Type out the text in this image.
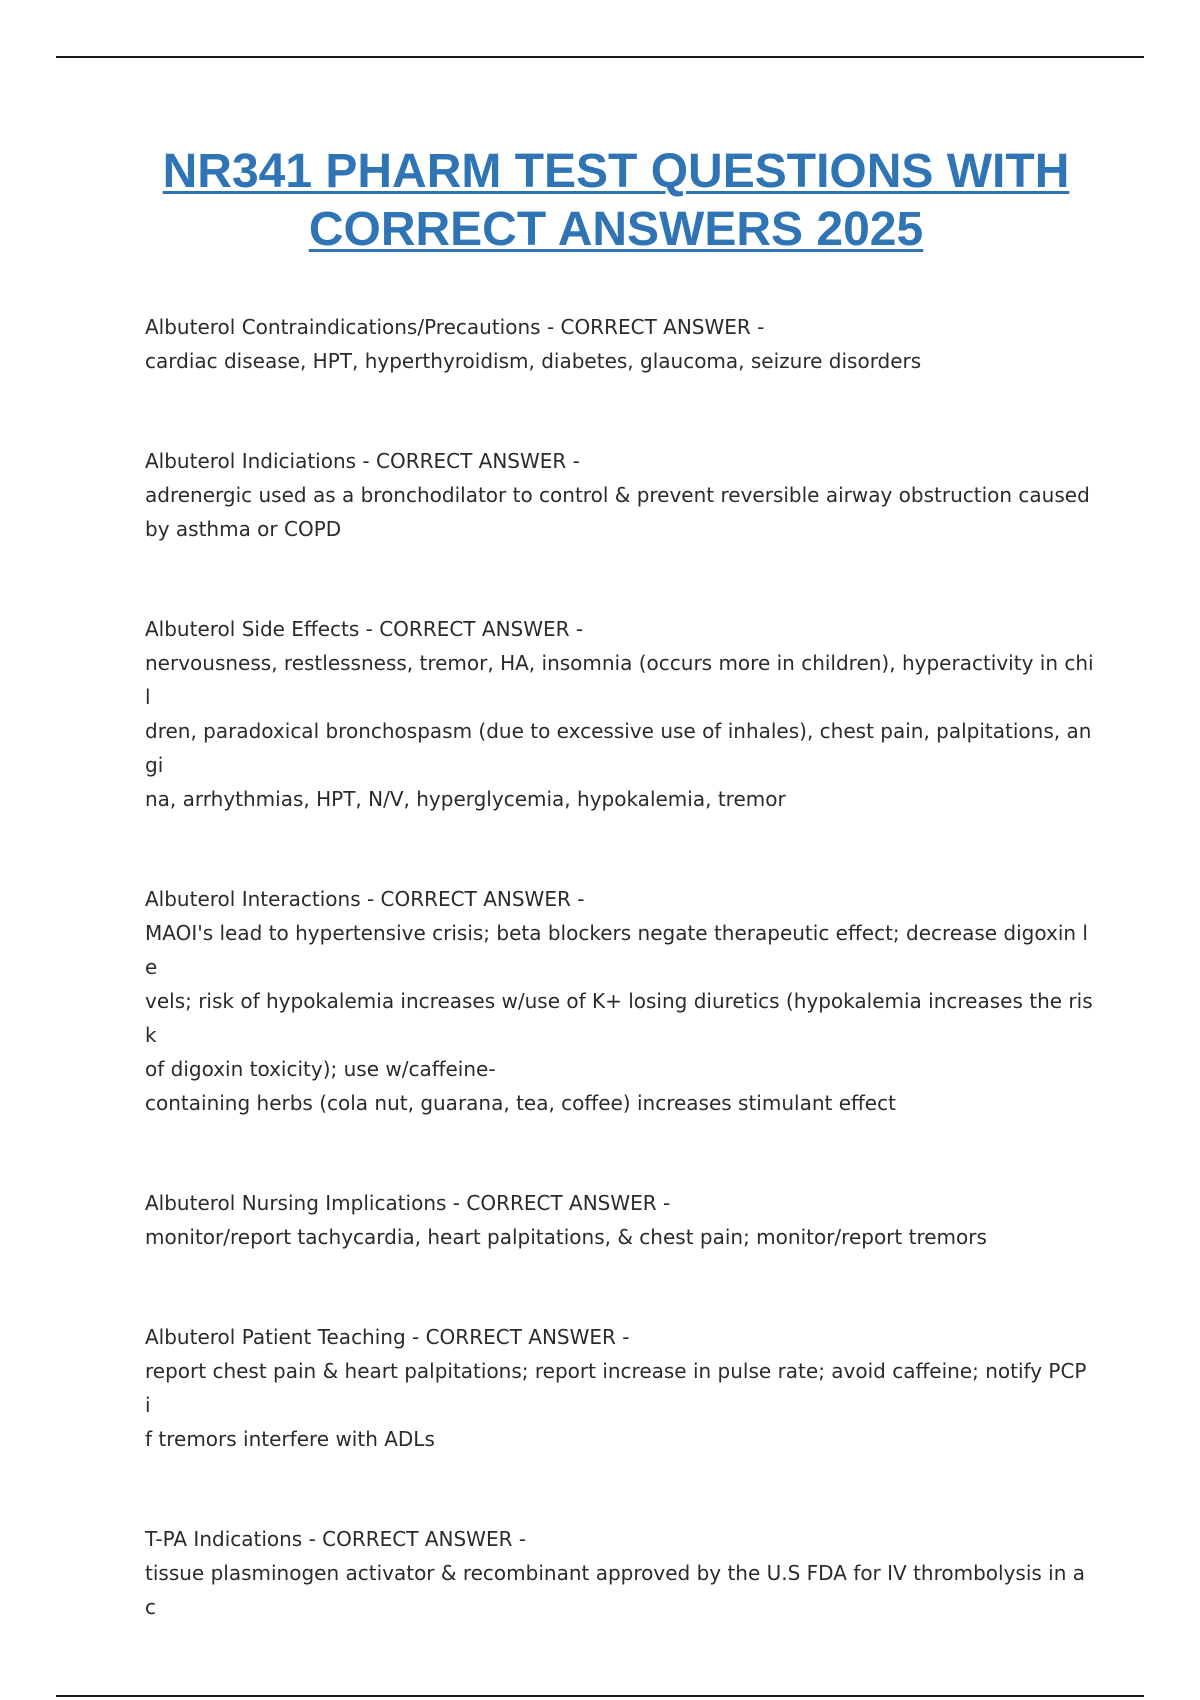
NR341 PHARM TEST QUESTIONS WITH
CORRECT ANSWERS 2025
Albuterol Contraindications/Precautions - CORRECT ANSWER -
cardiac disease, HPT, hyperthyroidism, diabetes, glaucoma, seizure disorders
Albuterol Indiciations - CORRECT ANSWER -
adrenergic used as a bronchodilator to control & prevent reversible airway obstruction caused
by asthma or COPD
Albuterol Side Effects - CORRECT ANSWER -
nervousness, restlessness, tremor, HA, insomnia (occurs more in children), hyperactivity in chil
dren, paradoxical bronchospasm (due to excessive use of inhales), chest pain, palpitations, angi
na, arrhythmias, HPT, N/V, hyperglycemia, hypokalemia, tremor
Albuterol Interactions - CORRECT ANSWER -
MAOI's lead to hypertensive crisis; beta blockers negate therapeutic effect; decrease digoxin le
vels; risk of hypokalemia increases w/use of K+ losing diuretics (hypokalemia increases the risk
of digoxin toxicity); use w/caffeine-
containing herbs (cola nut, guarana, tea, coffee) increases stimulant effect
Albuterol Nursing Implications - CORRECT ANSWER -
monitor/report tachycardia, heart palpitations, & chest pain; monitor/report tremors
Albuterol Patient Teaching - CORRECT ANSWER -
report chest pain & heart palpitations; report increase in pulse rate; avoid caffeine; notify PCP i
f tremors interfere with ADLs
T-PA Indications - CORRECT ANSWER -
tissue plasminogen activator & recombinant approved by the U.S FDA for IV thrombolysis in ac
